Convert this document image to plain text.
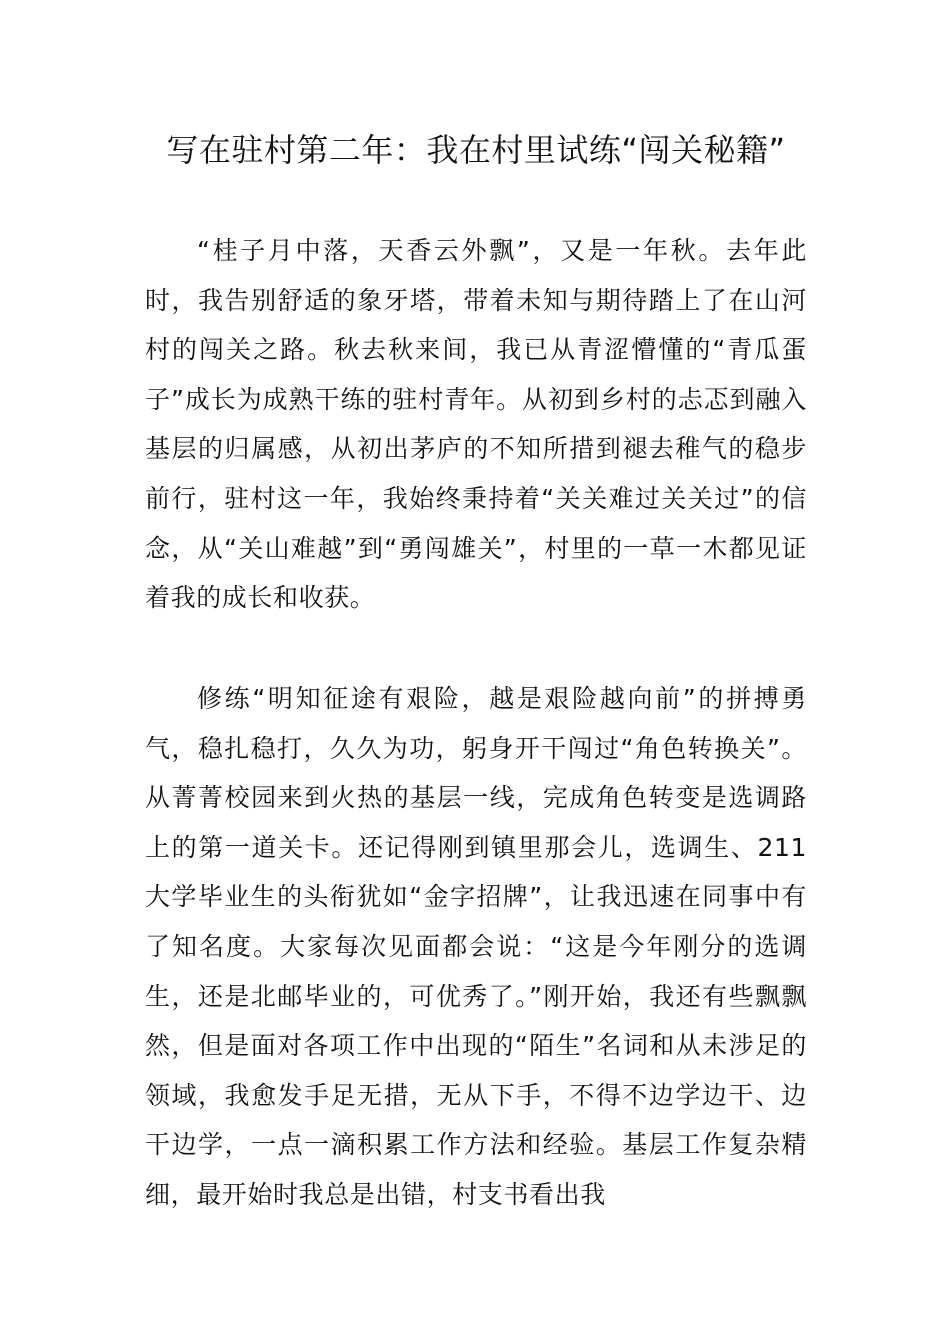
写在驻村第二年：我在村里试练“闯关秘籍”

“桂子月中落，天香云外飘”，又是一年秋。去年此时，我告别舒适的象牙塔，带着未知与期待踏上了在山河村的闯关之路。秋去秋来间，我已从青涩懵懂的“青瓜蛋子”成长为成熟干练的驻村青年。从初到乡村的忐忑到融入基层的归属感，从初出茅庐的不知所措到褪去稚气的稳步前行，驻村这一年，我始终秉持着“关关难过关关过”的信念，从“关山难越”到“勇闯雄关”，村里的一草一木都见证着我的成长和收获。

修练“明知征途有艰险，越是艰险越向前”的拼搏勇气，稳扎稳打，久久为功，躬身开干闯过“角色转换关”。从菁菁校园来到火热的基层一线，完成角色转变是选调路上的第一道关卡。还记得刚到镇里那会儿，选调生、211大学毕业生的头衔犹如“金字招牌”，让我迅速在同事中有了知名度。大家每次见面都会说：“这是今年刚分的选调生，还是北邮毕业的，可优秀了。”刚开始，我还有些飘飘然，但是面对各项工作中出现的“陌生”名词和从未涉足的领域，我愈发手足无措，无从下手，不得不边学边干、边干边学，一点一滴积累工作方法和经验。基层工作复杂精细，最开始时我总是出错，村支书看出我
